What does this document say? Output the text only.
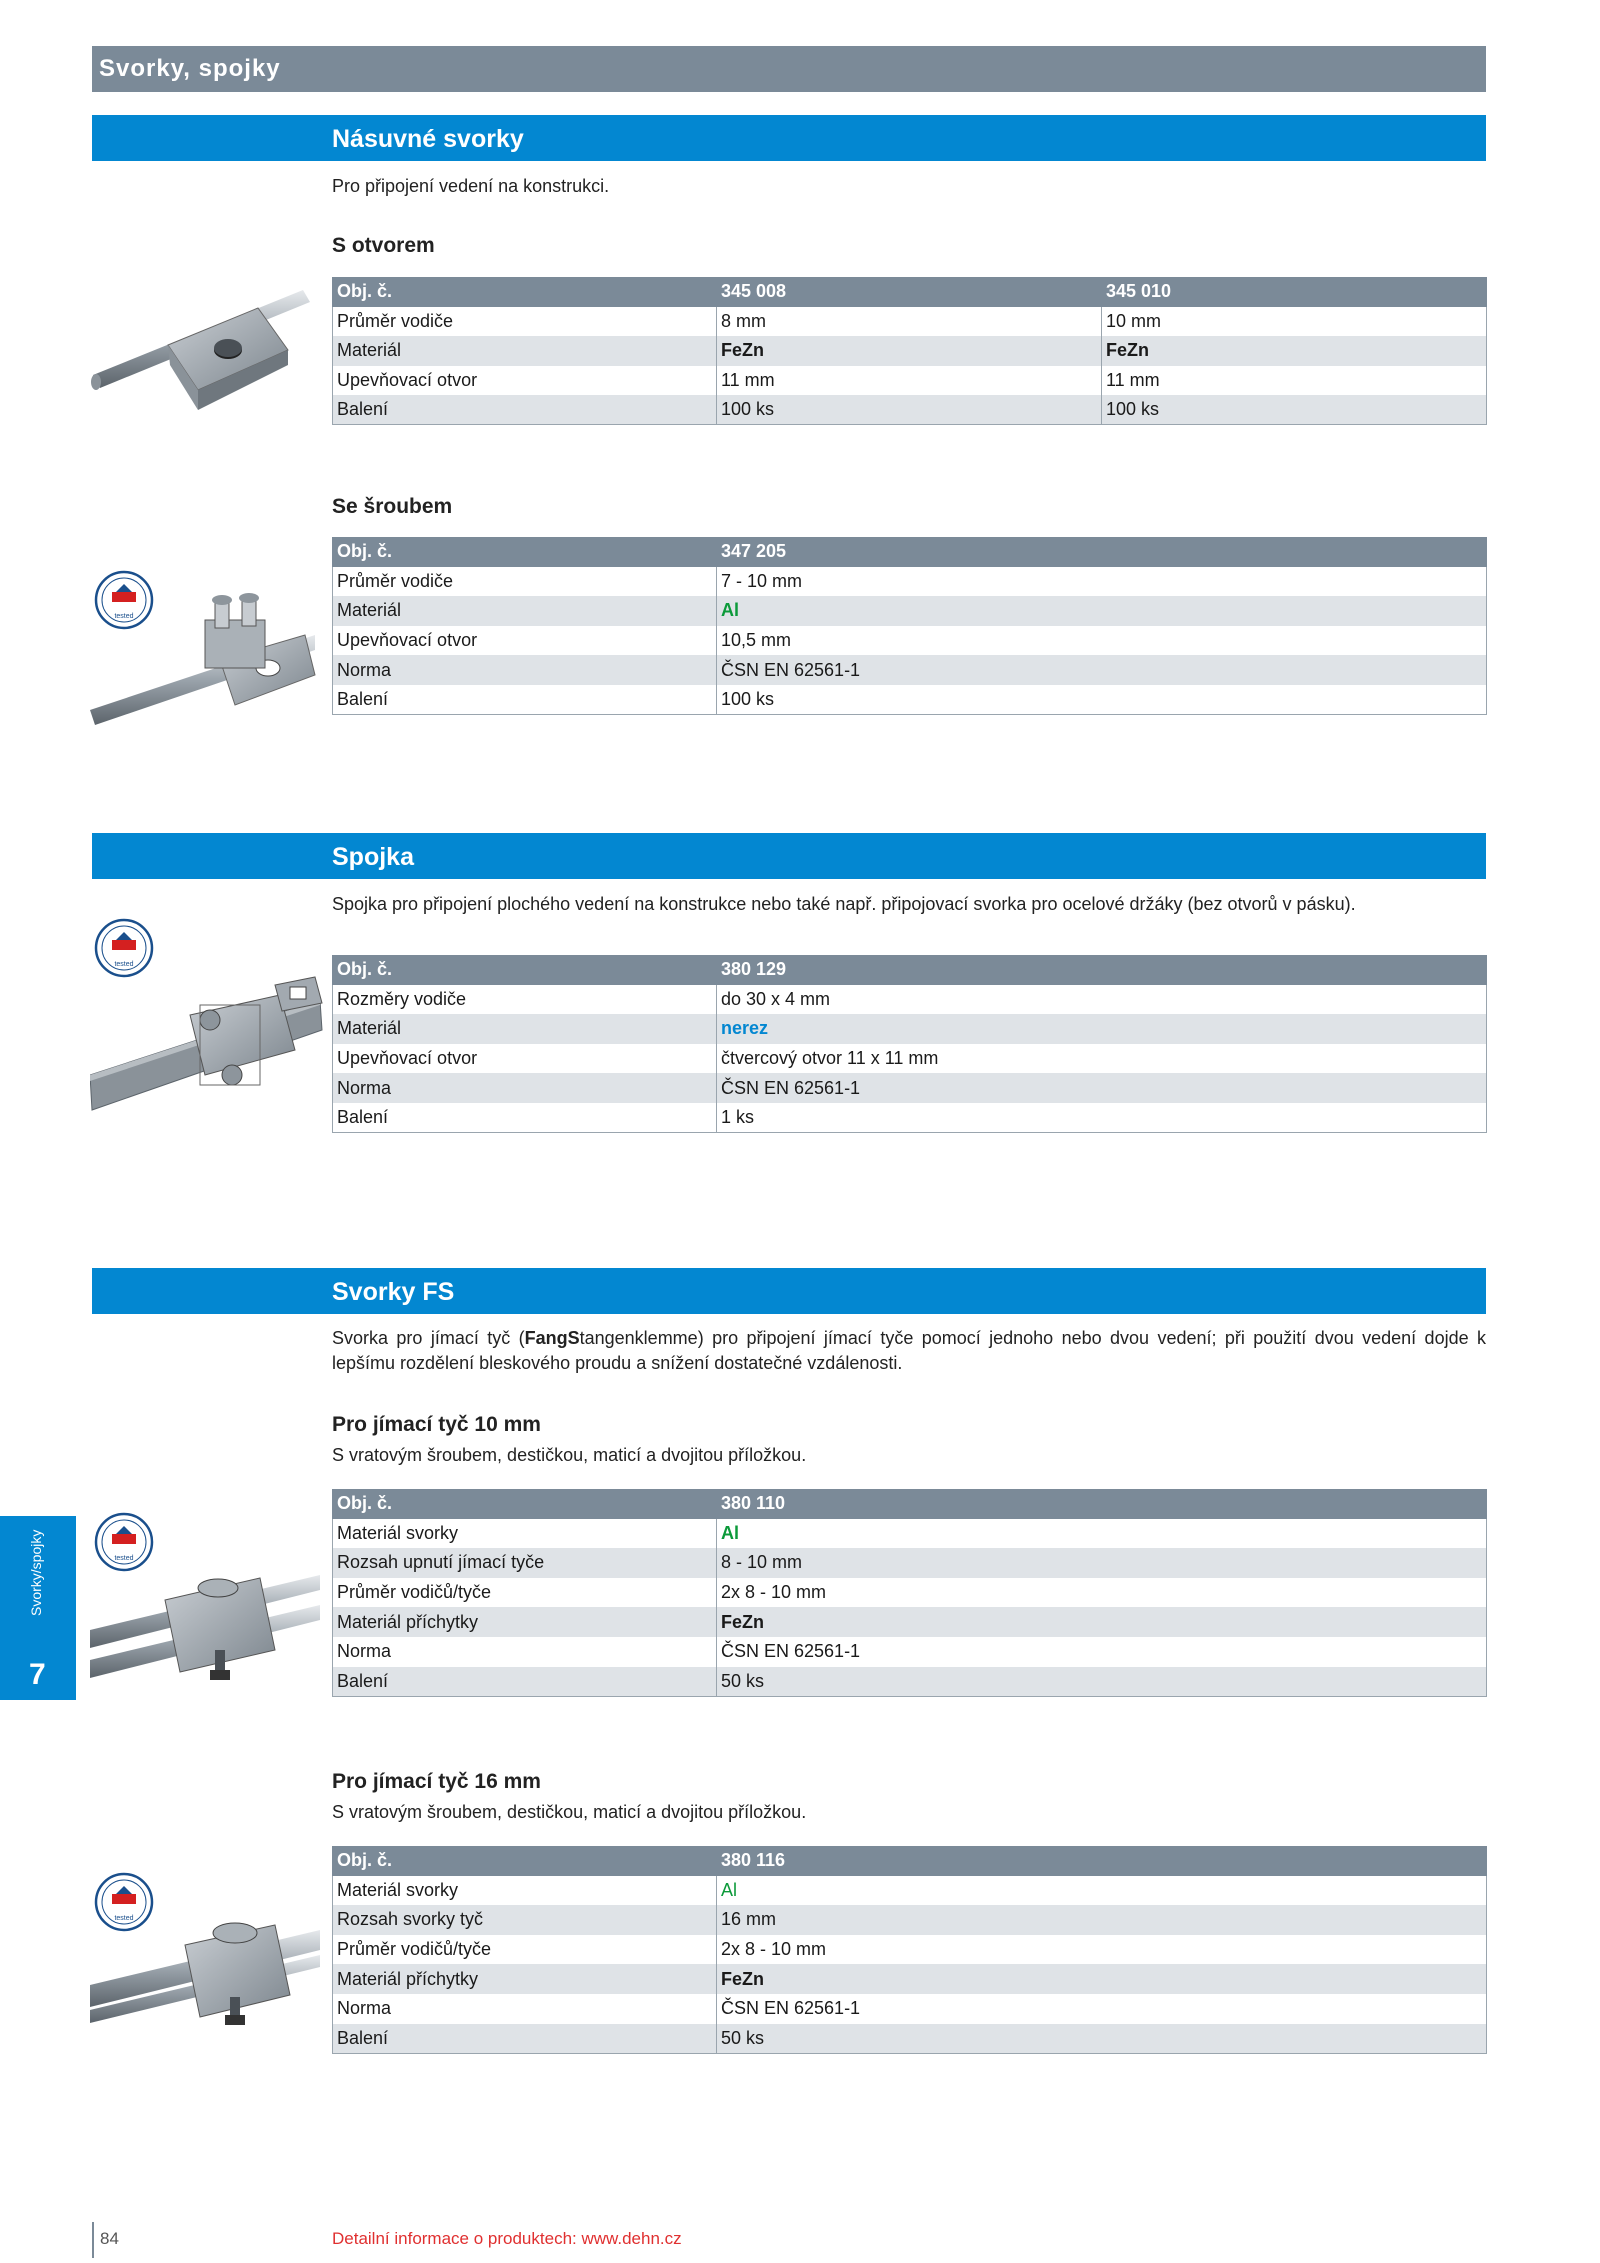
Svorky, spojky
Násuvné svorky
Pro připojení vedení na konstrukci.
S otvorem
Obj. č.	345 008	345 010
Průměr vodiče	8 mm	10 mm
Materiál	FeZn	FeZn
Upevňovací otvor	11 mm	11 mm
Balení	100 ks	100 ks
Se šroubem
tested
Obj. č.	347 205
Průměr vodiče	7 - 10 mm
Materiál	Al
Upevňovací otvor	10,5 mm
Norma	ČSN EN 62561-1
Balení	100 ks
Spojka
Spojka pro připojení plochého vedení na konstrukce nebo také např. připojovací svorka pro ocelové držáky (bez otvorů v pásku).
tested	Obj. č.	380 129
Rozměry vodiče	do 30 x 4 mm
Materiál	nerez
Upevňovací otvor	čtvercový otvor 11 x 11 mm
Norma	ČSN EN 62561-1
Balení	1 ks
Svorky FS
Svorka pro jímací tyč (FangStangenklemme) pro připojení jímací tyče pomocí jednoho nebo dvou vedení; při použití dvou vedení dojde k lepšímu rozdělení bleskového proudu a snížení dostatečné vzdálenosti.
Pro jímací tyč 10 mm
S vratovým šroubem, destičkou, maticí a dvojitou příložkou.
tested
Obj. č.	380 110
Materiál svorky	Al
Rozsah upnutí jímací tyče	8 - 10 mm
Průměr vodičů/tyče	2x 8 - 10 mm
Materiál příchytky	FeZn
Norma	ČSN EN 62561-1
Balení	50 ks
Pro jímací tyč 16 mm
S vratovým šroubem, destičkou, maticí a dvojitou příložkou.
tested
Obj. č.	380 116
Materiál svorky	Al
Rozsah svorky tyč	16 mm
Průměr vodičů/tyče	2x 8 - 10 mm
Materiál příchytky	FeZn
Norma	ČSN EN 62561-1
Balení	50 ks
Svorky/spojky
7
84	Detailní informace o produktech: www.dehn.cz
